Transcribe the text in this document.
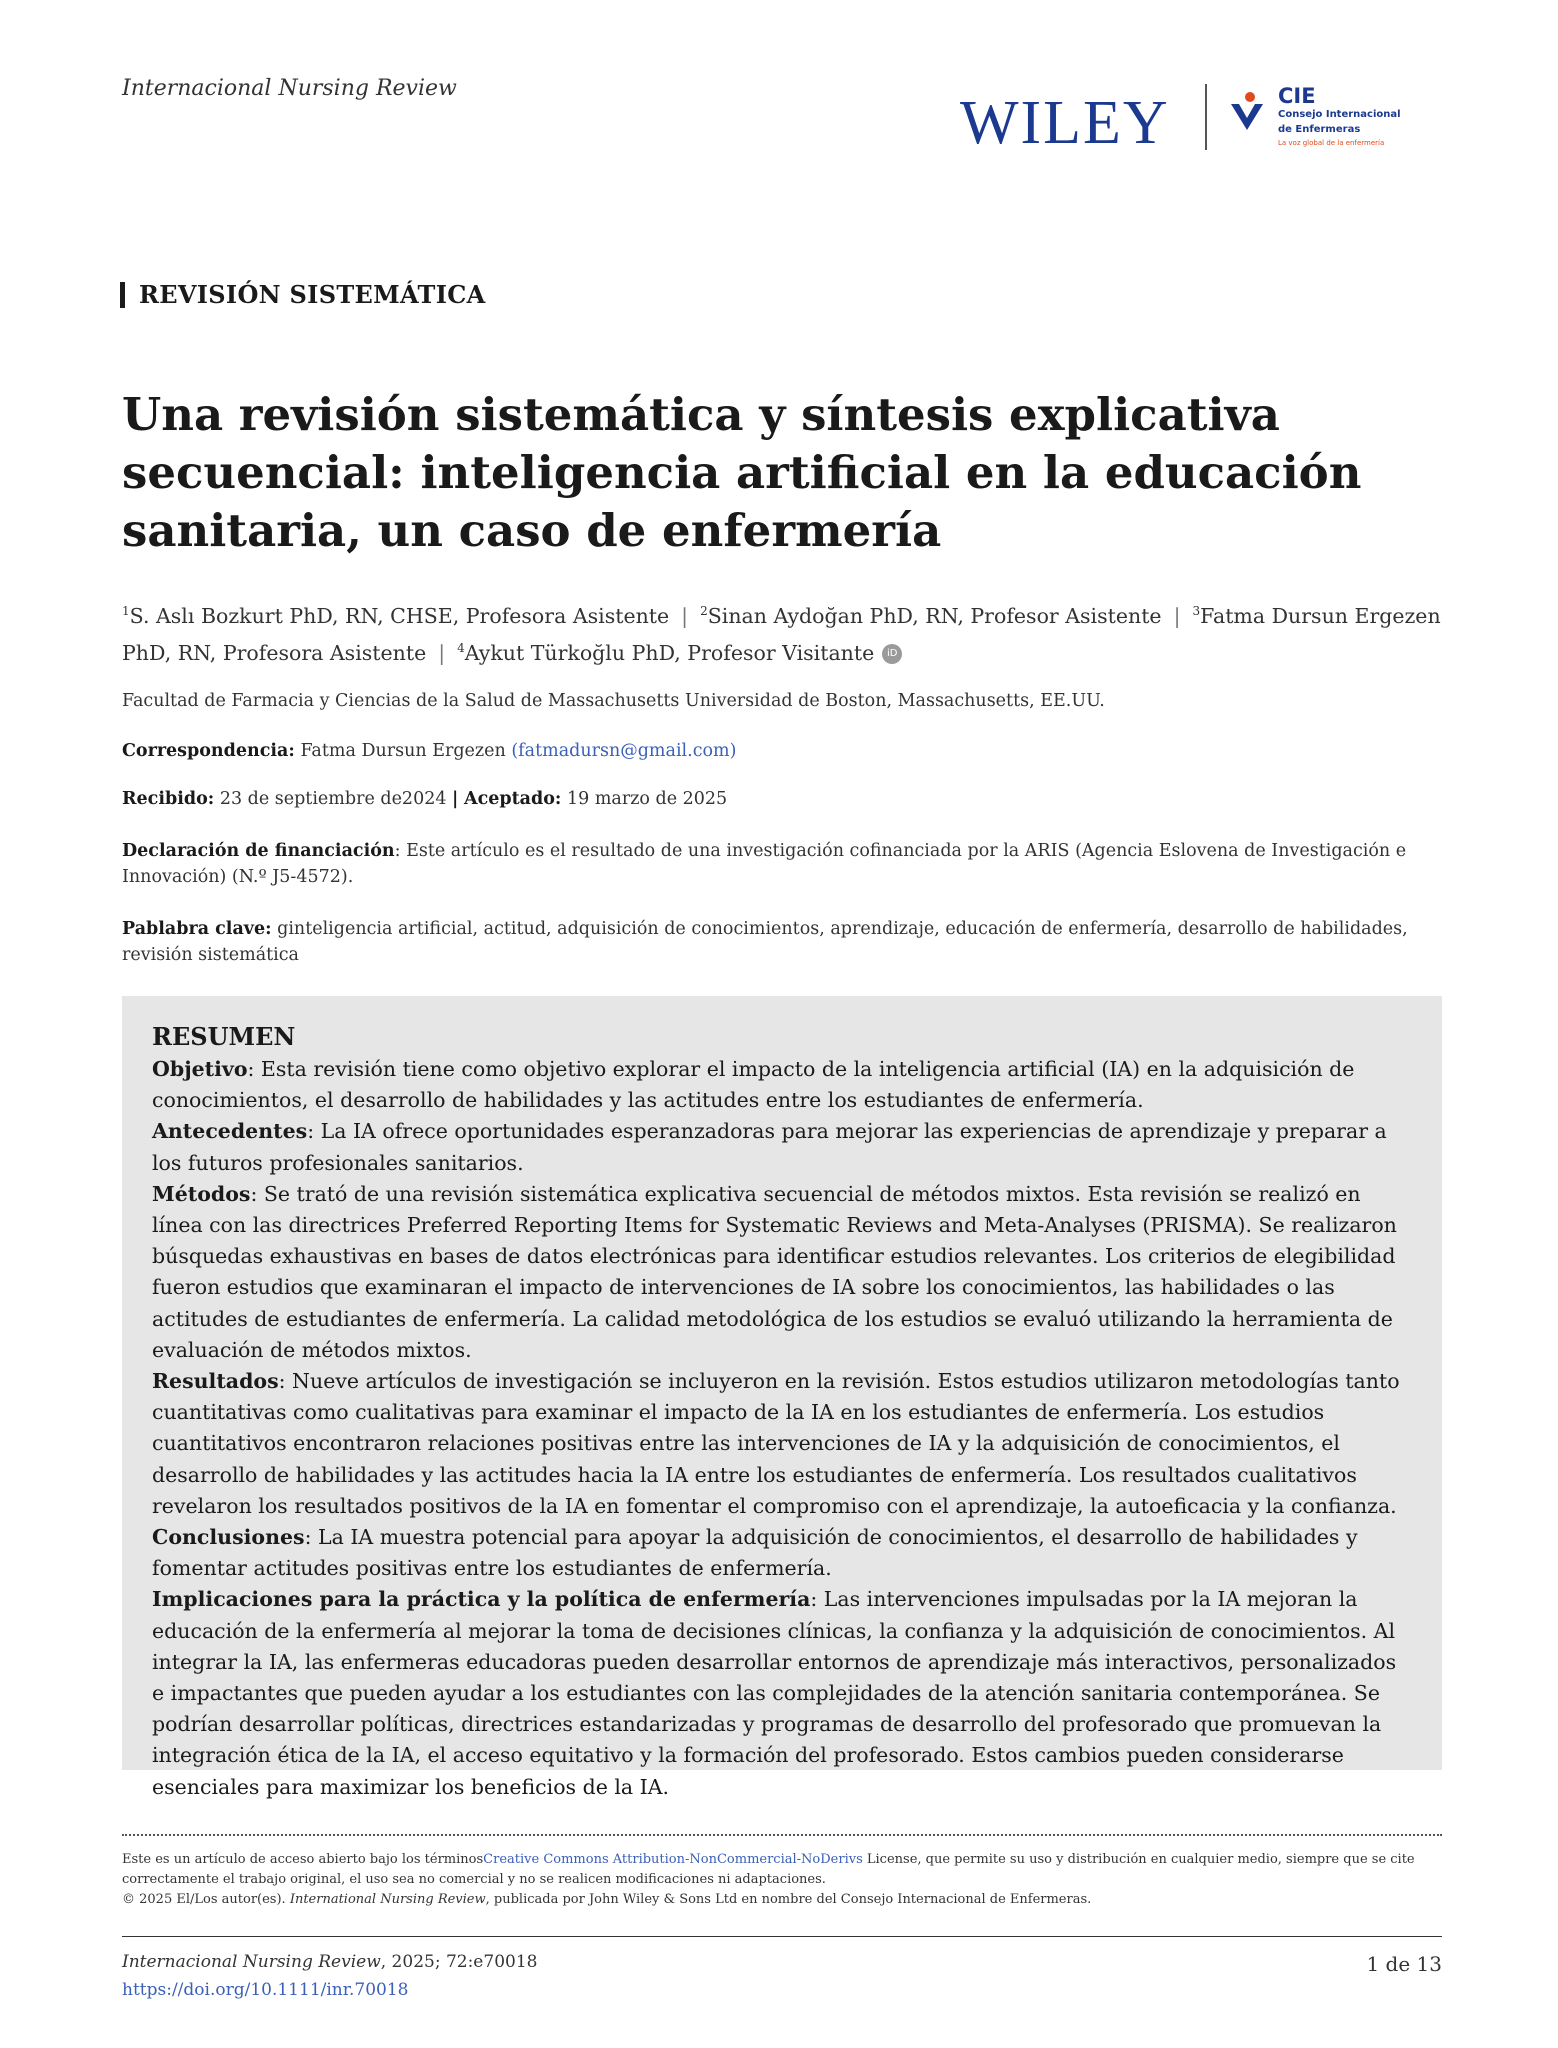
Internacional Nursing Review
WILEY	CIE
Consejo Internacional
de Enfermeras
La voz global de la enfermería
REVISIÓN SISTEMÁTICA
Una revisión sistemática y síntesis explicativa secuencial: inteligencia artificial en la educación sanitaria, un caso de enfermería
$^1$S. Aslı Bozkurt PhD, RN, CHSE, Profesora Asistente | $^2$Sinan Aydoğan PhD, RN, Profesor Asistente | $^3$Fatma Dursun Ergezen PhD, RN, Profesora Asistente | $^4$Aykut Türkoğlu PhD, Profesor Visitante iD
Facultad de Farmacia y Ciencias de la Salud de Massachusetts Universidad de Boston, Massachusetts, EE.UU.
Correspondencia: Fatma Dursun Ergezen (fatmadursn@gmail.com)
Recibido: 23 de septiembre de2024 | Aceptado: 19 marzo de 2025
Declaración de financiación: Este artículo es el resultado de una investigación cofinanciada por la ARIS (Agencia Eslovena de Investigación e Innovación) (N.º J5-4572).
Pablabra clave: ginteligencia artificial, actitud, adquisición de conocimientos, aprendizaje, educación de enfermería, desarrollo de habilidades, revisión sistemática
RESUMEN

Objetivo: Esta revisión tiene como objetivo explorar el impacto de la inteligencia artificial (IA) en la adquisición de conocimientos, el desarrollo de habilidades y las actitudes entre los estudiantes de enfermería.

Antecedentes: La IA ofrece oportunidades esperanzadoras para mejorar las experiencias de aprendizaje y preparar a los futuros profesionales sanitarios.

Métodos: Se trató de una revisión sistemática explicativa secuencial de métodos mixtos. Esta revisión se realizó en línea con las directrices Preferred Reporting Items for Systematic Reviews and Meta-Analyses (PRISMA). Se realizaron búsquedas exhaustivas en bases de datos electrónicas para identificar estudios relevantes. Los criterios de elegibilidad fueron estudios que examinaran el impacto de intervenciones de IA sobre los conocimientos, las habilidades o las actitudes de estudiantes de enfermería. La calidad metodológica de los estudios se evaluó utilizando la herramienta de evaluación de métodos mixtos.

Resultados: Nueve artículos de investigación se incluyeron en la revisión. Estos estudios utilizaron metodologías tanto cuantitativas como cualitativas para examinar el impacto de la IA en los estudiantes de enfermería. Los estudios cuantitativos encontraron relaciones positivas entre las intervenciones de IA y la adquisición de conocimientos, el desarrollo de habilidades y las actitudes hacia la IA entre los estudiantes de enfermería. Los resultados cualitativos revelaron los resultados positivos de la IA en fomentar el compromiso con el aprendizaje, la autoeficacia y la confianza.

Conclusiones: La IA muestra potencial para apoyar la adquisición de conocimientos, el desarrollo de habilidades y fomentar actitudes positivas entre los estudiantes de enfermería.

Implicaciones para la práctica y la política de enfermería: Las intervenciones impulsadas por la IA mejoran la educación de la enfermería al mejorar la toma de decisiones clínicas, la confianza y la adquisición de conocimientos. Al integrar la IA, las enfermeras educadoras pueden desarrollar entornos de aprendizaje más interactivos, personalizados e impactantes que pueden ayudar a los estudiantes con las complejidades de la atención sanitaria contemporánea. Se podrían desarrollar políticas, directrices estandarizadas y programas de desarrollo del profesorado que promuevan la integración ética de la IA, el acceso equitativo y la formación del profesorado. Estos cambios pueden considerarse esenciales para maximizar los beneficios de la IA.

Este es un artículo de acceso abierto bajo los términosCreative Commons Attribution-NonCommercial-NoDerivs License, que permite su uso y distribución en cualquier medio, siempre que se cite correctamente el trabajo original, el uso sea no comercial y no se realicen modificaciones ni adaptaciones.
© 2025 El/Los autor(es). International Nursing Review, publicada por John Wiley & Sons Ltd en nombre del Consejo Internacional de Enfermeras.
Internacional Nursing Review, 2025; 72:e70018
https://doi.org/10.1111/inr.70018
1 de 13
